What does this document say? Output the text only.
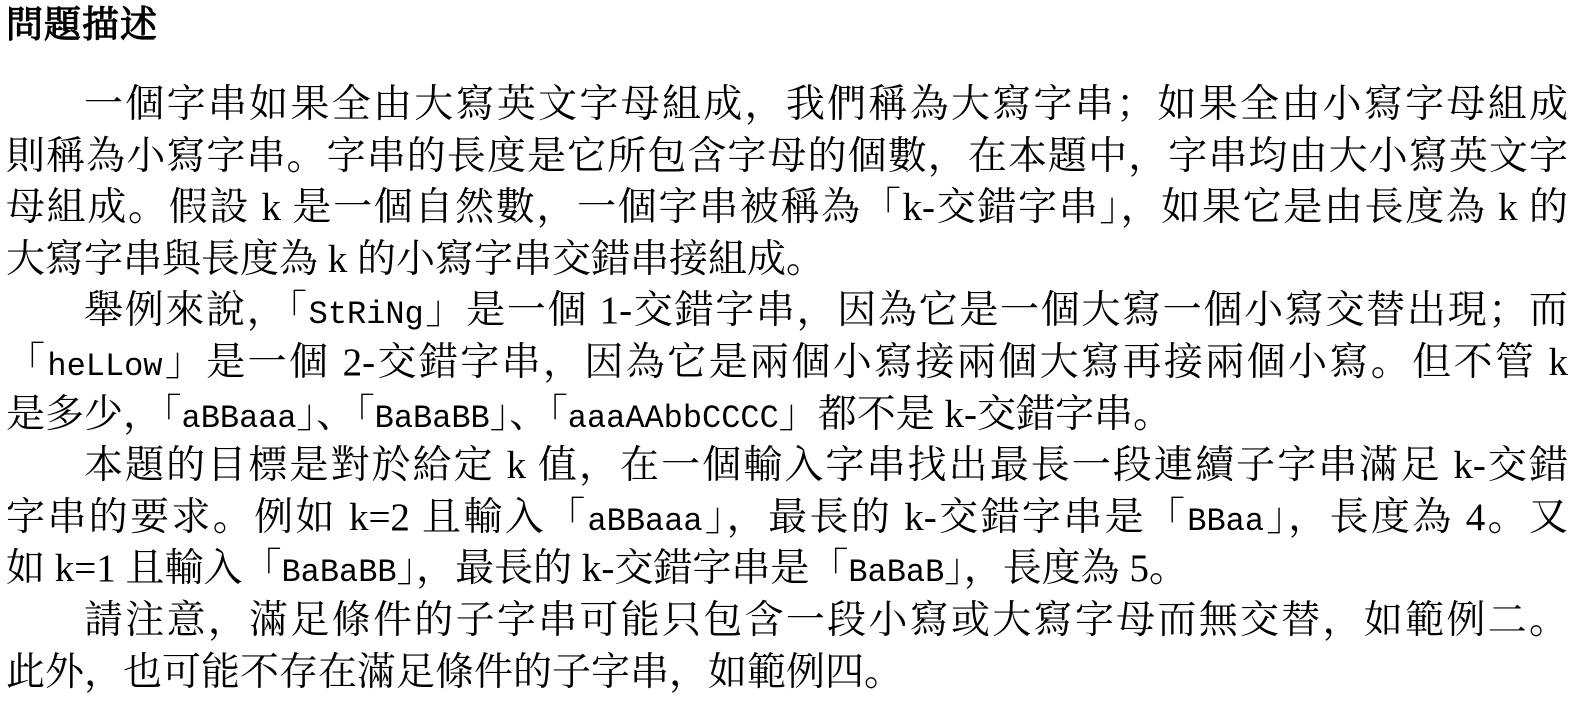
問題描述
一個字串如果全由大寫英文字母組成，我們稱為大寫字串；如果全由小寫字母組成
則稱為小寫字串。字串的長度是它所包含字母的個數，在本題中，字串均由大小寫英文字
母組成。假設 k 是一個自然數，一個字串被稱為「k-交錯字串」，如果它是由長度為 k 的
大寫字串與長度為 k 的小寫字串交錯串接組成。
舉例來說，「StRiNg」是一個 1-交錯字串，因為它是一個大寫一個小寫交替出現；而
「heLLow」是一個 2-交錯字串，因為它是兩個小寫接兩個大寫再接兩個小寫。但不管 k
是多少，「aBBaaa」、「BaBaBB」、「aaaAAbbCCCC」都不是 k-交錯字串。
本題的目標是對於給定 k 值，在一個輸入字串找出最長一段連續子字串滿足 k-交錯
字串的要求。例如 k=2 且輸入「aBBaaa」，最長的 k-交錯字串是「BBaa」，長度為 4。又
如 k=1 且輸入「BaBaBB」，最長的 k-交錯字串是「BaBaB」，長度為 5。
請注意，滿足條件的子字串可能只包含一段小寫或大寫字母而無交替，如範例二。
此外，也可能不存在滿足條件的子字串，如範例四。
